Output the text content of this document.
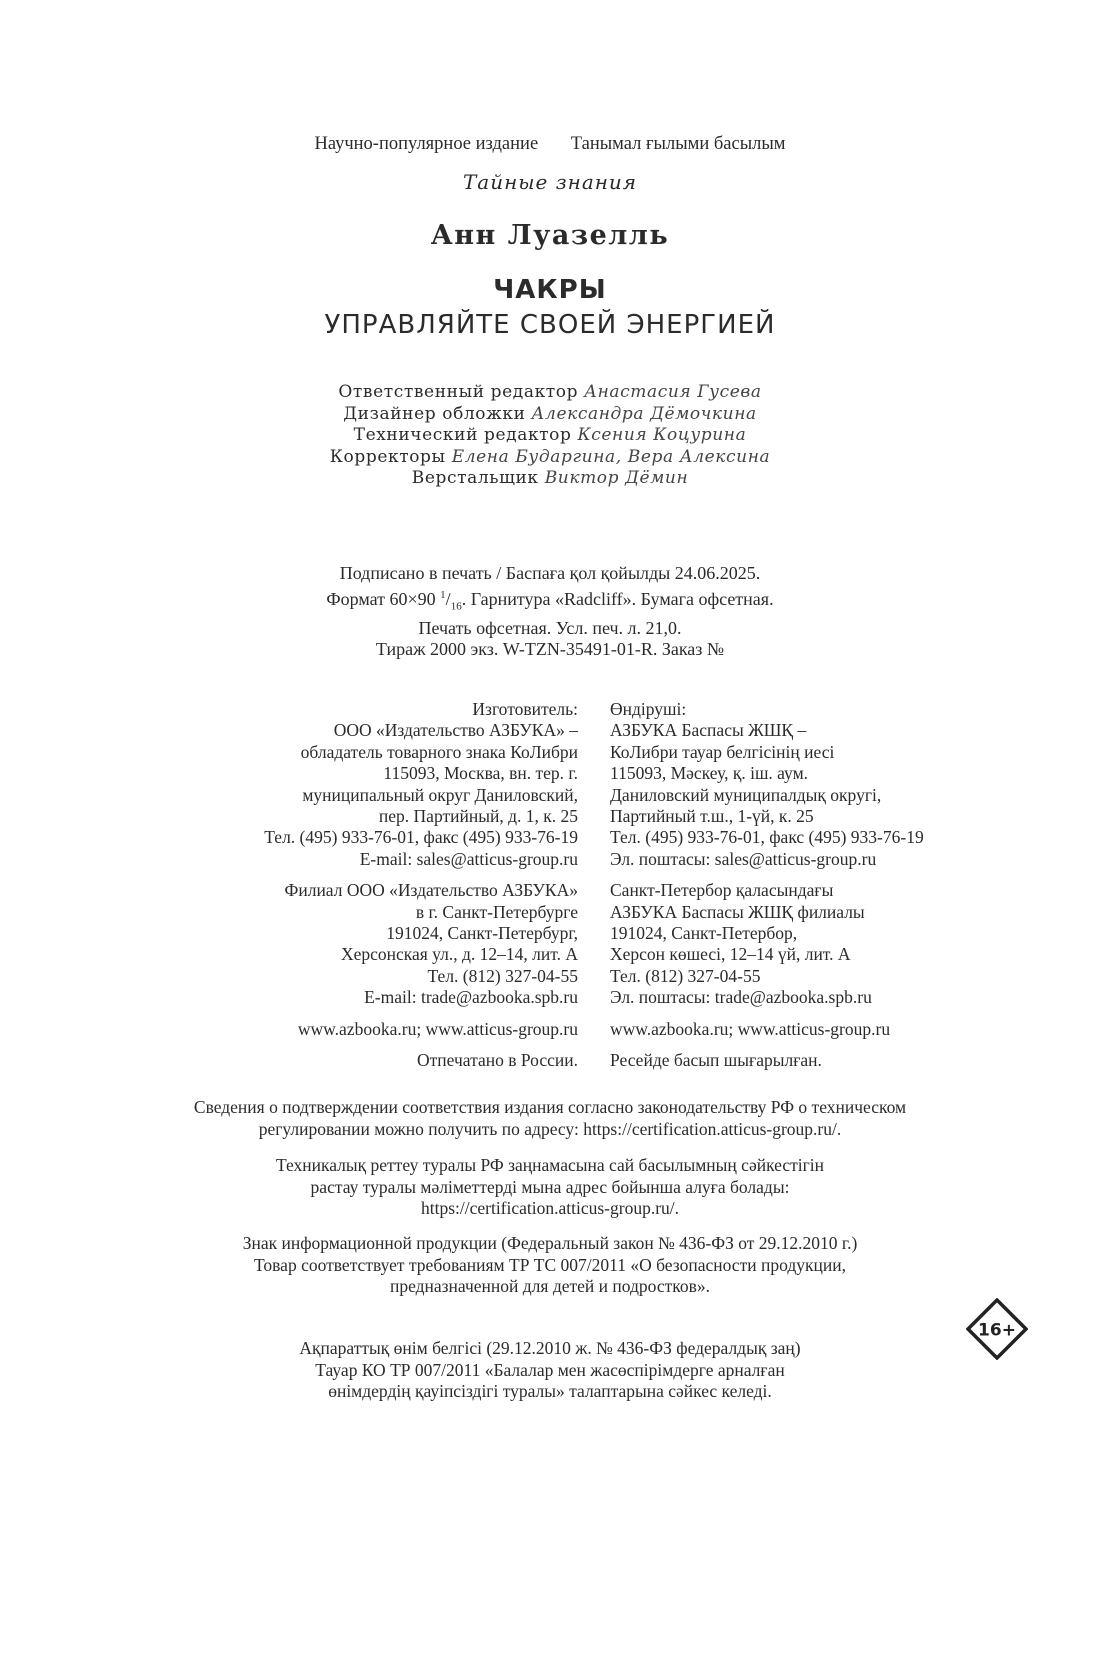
Научно-популярное издание Танымал ғылыми басылым
Тайные знания
Анн Луазелль
ЧАКРЫ
УПРАВЛЯЙТЕ СВОЕЙ ЭНЕРГИЕЙ
Ответственный редактор Анастасия Гусева
Дизайнер обложки Александра Дёмочкина
Технический редактор Ксения Коцурина
Корректоры Елена Бударгина, Вера Алексина
Верстальщик Виктор Дёмин
Подписано в печать / Баспаға қол қойылды 24.06.2025.
Формат 60×90 $^1/_{16}$. Гарнитура «Radcliff». Бумага офсетная.
Печать офсетная. Усл. печ. л. 21,0.
Тираж 2000 экз. W-TZN-35491-01-R. Заказ №
Изготовитель:
ООО «Издательство АЗБУКА» –
обладатель товарного знака КоЛибри
115093, Москва, вн. тер. г.
муниципальный округ Даниловский,
пер. Партийный, д. 1, к. 25
Тел. (495) 933-76-01, факс (495) 933-76-19
E-mail: sales@atticus-group.ru
Филиал ООО «Издательство АЗБУКА»
в г. Санкт-Петербурге
191024, Санкт-Петербург,
Херсонская ул., д. 12–14, лит. А
Тел. (812) 327-04-55
E-mail: trade@azbooka.spb.ru
www.azbooka.ru; www.atticus-group.ru
Отпечатано в России.
Өндіруші:
АЗБУКА Баспасы ЖШҚ –
КоЛибри тауар белгісінің иесі
115093, Мәскеу, қ. іш. аум.
Даниловский муниципалдық округі,
Партийный т.ш., 1-үй, к. 25
Тел. (495) 933-76-01, факс (495) 933-76-19
Эл. поштасы: sales@atticus-group.ru
Санкт-Петербор қаласындағы
АЗБУКА Баспасы ЖШҚ филиалы
191024, Санкт-Петербор,
Херсон көшесі, 12–14 үй, лит. А
Тел. (812) 327-04-55
Эл. поштасы: trade@azbooka.spb.ru
www.azbooka.ru; www.atticus-group.ru
Ресейде басып шығарылған.
Сведения о подтверждении соответствия издания согласно законодательству РФ о техническом
регулировании можно получить по адресу: https://certification.atticus-group.ru/.
Техникалық реттеу туралы РФ заңнамасына сай басылымның сәйкестігін
растау туралы мәліметтерді мына адрес бойынша алуға болады:
https://certification.atticus-group.ru/.
Знак информационной продукции (Федеральный закон № 436-ФЗ от 29.12.2010 г.)
Товар соответствует требованиям ТР ТС 007/2011 «О безопасности продукции,
предназначенной для детей и подростков».
16+
Ақпараттық өнім белгісі (29.12.2010 ж. № 436-ФЗ федералдық заң)
Тауар КО ТР 007/2011 «Балалар мен жасөспірімдерге арналған
өнімдердің қауіпсіздігі туралы» талаптарына сәйкес келеді.
